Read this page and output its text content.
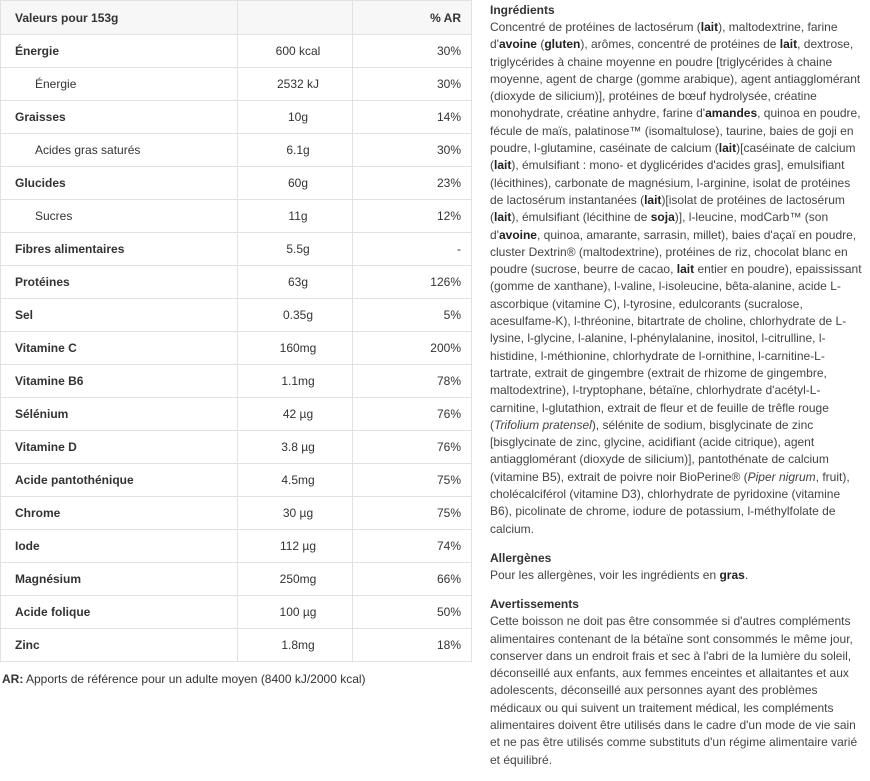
Valeurs pour 153g		% AR
Énergie	600 kcal	30%
Énergie	2532 kJ	30%
Graisses	10g	14%
Acides gras saturés	6.1g	30%
Glucides	60g	23%
Sucres	11g	12%
Fibres alimentaires	5.5g	-
Protéines	63g	126%
Sel	0.35g	5%
Vitamine C	160mg	200%
Vitamine B6	1.1mg	78%
Sélénium	42 µg	76%
Vitamine D	3.8 µg	76%
Acide pantothénique	4.5mg	75%
Chrome	30 µg	75%
Iode	112 µg	74%
Magnésium	250mg	66%
Acide folique	100 µg	50%
Zinc	1.8mg	18%
AR: Apports de référence pour un adulte moyen (8400 kJ/2000 kcal)
Ingrédients

Concentré de protéines de lactosérum (lait), maltodextrine, farine d'avoine (gluten), arômes, concentré de protéines de lait, dextrose, triglycérides à chaine moyenne en poudre [triglycérides à chaine moyenne, agent de charge (gomme arabique), agent antiagglomérant (dioxyde de silicium)], protéines de bœuf hydrolysée, créatine monohydrate, créatine anhydre, farine d'amandes, quinoa en poudre, fécule de maïs, palatinose™ (isomaltulose), taurine, baies de goji en poudre, l-glutamine, caséinate de calcium (lait)[caséinate de calcium (lait), émulsifiant : mono- et dyglicérides d'acides gras], emulsifiant (lécithines), carbonate de magnésium, l-arginine, isolat de protéines de lactosérum instantanées (lait)[isolat de protéines de lactosérum (lait), émulsifiant (lécithine de soja)], l-leucine, modCarb™ (son d'avoine, quinoa, amarante, sarrasin, millet), baies d'açaï en poudre, cluster Dextrin® (maltodextrine), protéines de riz, chocolat blanc en poudre (sucrose, beurre de cacao, lait entier en poudre), epaississant (gomme de xanthane), l-valine, l-isoleucine, bêta-alanine, acide L-ascorbique (vitamine C), l-tyrosine, edulcorants (sucralose, acesulfame-K), l-thréonine, bitartrate de choline, chlorhydrate de L-lysine, l-glycine, l-alanine, l-phénylalanine, inositol, l-citrulline, l-histidine, l-méthionine, chlorhydrate de l-ornithine, l-carnitine-L-tartrate, extrait de gingembre (extrait de rhizome de gingembre, maltodextrine), l-tryptophane, bétaïne, chlorhydrate d'acétyl-L-carnitine, l-glutathion, extrait de fleur et de feuille de trêfle rouge (Trifolium pratensel), sélénite de sodium, bisglycinate de zinc [bisglycinate de zinc, glycine, acidifiant (acide citrique), agent antiagglomérant (dioxyde de silicium)], pantothénate de calcium (vitamine B5), extrait de poivre noir BioPerine® (Piper nigrum, fruit), cholécalciférol (vitamine D3), chlorhydrate de pyridoxine (vitamine B6), picolinate de chrome, iodure de potassium, l-méthylfolate de calcium.

Allergènes

Pour les allergènes, voir les ingrédients en gras.

Avertissements

Cette boisson ne doit pas être consommée si d'autres compléments alimentaires contenant de la bétaïne sont consommés le même jour, conserver dans un endroit frais et sec à l'abri de la lumière du soleil, déconseillé aux enfants, aux femmes enceintes et allaitantes et aux adolescents, déconseillé aux personnes ayant des problèmes médicaux ou qui suivent un traitement médical, les compléments alimentaires doivent être utilisés dans le cadre d'un mode de vie sain et ne pas être utilisés comme substituts d'un régime alimentaire varié et équilibré.
